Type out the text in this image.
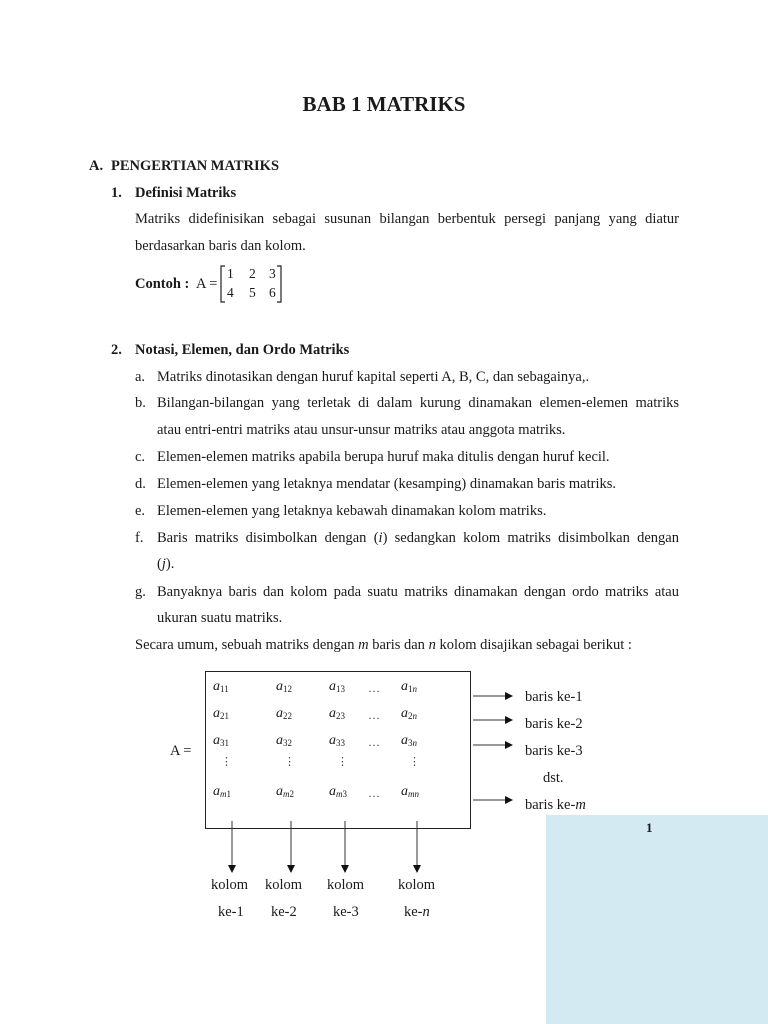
BAB 1 MATRIKS
A. PENGERTIAN MATRIKS
1. Definisi Matriks
Matriks didefinisikan sebagai susunan bilangan berbentuk persegi panjang yang diatur
berdasarkan baris dan kolom.
Contoh : A =
1 2 3
4 5 6
2. Notasi, Elemen, dan Ordo Matriks
a. Matriks dinotasikan dengan huruf kapital seperti A, B, C, dan sebagainya,.
b. Bilangan-bilangan yang terletak di dalam kurung dinamakan elemen-elemen matriks
atau entri-entri matriks atau unsur-unsur matriks atau anggota matriks.
c. Elemen-elemen matriks apabila berupa huruf maka ditulis dengan huruf kecil.
d. Elemen-elemen yang letaknya mendatar (kesamping) dinamakan baris matriks.
e. Elemen-elemen yang letaknya kebawah dinamakan kolom matriks.
f. Baris matriks disimbolkan dengan (i) sedangkan kolom matriks disimbolkan dengan
(j).
g. Banyaknya baris dan kolom pada suatu matriks dinamakan dengan ordo matriks atau
ukuran suatu matriks.
Secara umum, sebuah matriks dengan m baris dan n kolom disajikan sebagai berikut :
A =
$a_{11}$	$a_{12}$	$a_{13}$ … $a_{1n}$
$a_{21}$	$a_{22}$	$a_{23}$ … $a_{2n}$
$a_{31}$	$a_{32}$	$a_{33}$ … $a_{3n}$
⋮	⋮	⋮	⋮
$a_{m1}$	$a_{m2}$	$a_{m3}$ … $a_{mn}$
baris ke-1
baris ke-2
baris ke-3
dst.
baris ke-m
kolom kolom kolom kolom
ke-1 ke-2 ke-3	ke-n
1
